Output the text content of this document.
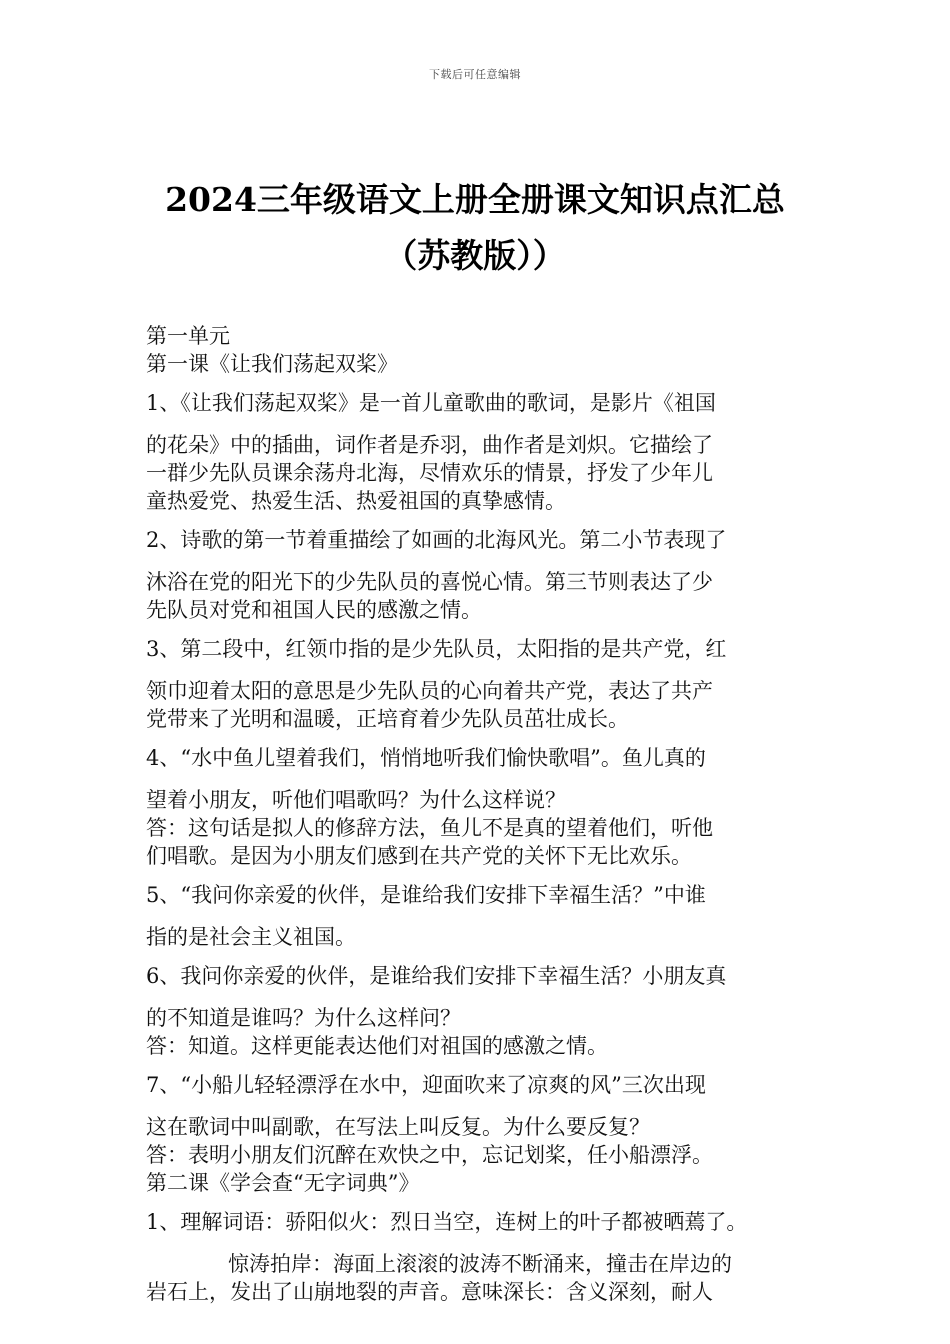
下载后可任意编辑
2024三年级语文上册全册课文知识点汇总
（苏教版））
第一单元
第一课《让我们荡起双桨》
1、《让我们荡起双桨》是一首儿童歌曲的歌词，是影片《祖国
的花朵》中的插曲，词作者是乔羽，曲作者是刘炽。它描绘了
一群少先队员课余荡舟北海，尽情欢乐的情景，抒发了少年儿
童热爱党、热爱生活、热爱祖国的真挚感情。
2、诗歌的第一节着重描绘了如画的北海风光。第二小节表现了
沐浴在党的阳光下的少先队员的喜悦心情。第三节则表达了少
先队员对党和祖国人民的感激之情。
3、第二段中，红领巾指的是少先队员，太阳指的是共产党，红
领巾迎着太阳的意思是少先队员的心向着共产党，表达了共产
党带来了光明和温暖，正培育着少先队员茁壮成长。
4、“水中鱼儿望着我们，悄悄地听我们愉快歌唱”。鱼儿真的
望着小朋友，听他们唱歌吗？为什么这样说？
答：这句话是拟人的修辞方法，鱼儿不是真的望着他们，听他
们唱歌。是因为小朋友们感到在共产党的关怀下无比欢乐。
5、“我问你亲爱的伙伴，是谁给我们安排下幸福生活？”中谁
指的是社会主义祖国。
6、我问你亲爱的伙伴，是谁给我们安排下幸福生活？小朋友真
的不知道是谁吗？为什么这样问？
答：知道。这样更能表达他们对祖国的感激之情。
7、“小船儿轻轻漂浮在水中，迎面吹来了凉爽的风”三次出现
这在歌词中叫副歌，在写法上叫反复。为什么要反复？
答：表明小朋友们沉醉在欢快之中，忘记划桨，任小船漂浮。
第二课《学会查“无字词典”》
1、理解词语：骄阳似火：烈日当空，连树上的叶子都被晒蔫了。
惊涛拍岸：海面上滚滚的波涛不断涌来，撞击在岸边的
岩石上，发出了山崩地裂的声音。意味深长：含义深刻，耐人
